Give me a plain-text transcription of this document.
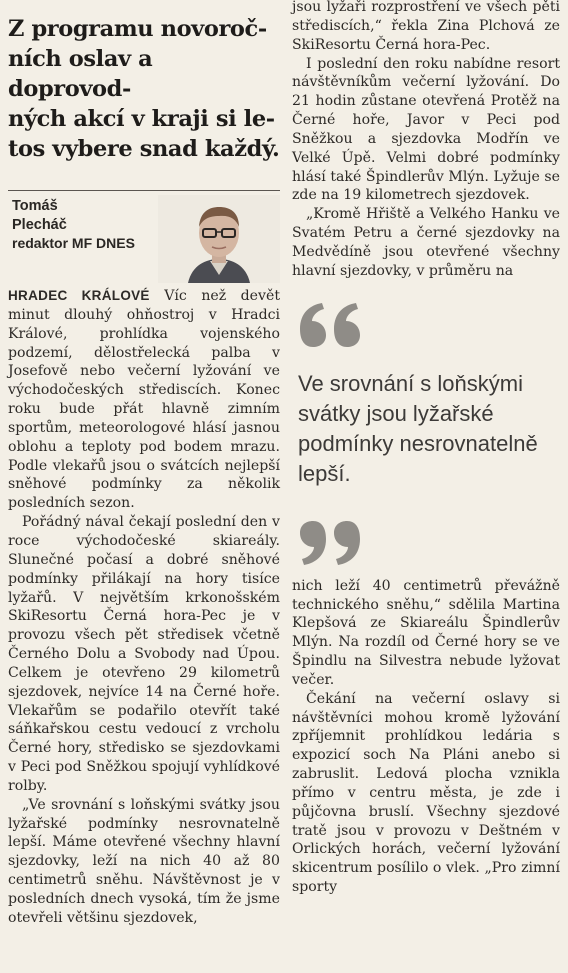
Z programu novoroč-
ních oslav a doprovod-
ných akcí v kraji si le-
tos vybere snad každý.
Tomáš
Plecháč
redaktor MF DNES

HRADEC KRÁLOVÉ Víc než devět minut dlouhý ohňostroj v Hradci Králové, prohlídka vojenského podzemí, dělostřelecká palba v Josefově nebo večerní lyžování ve východočeských střediscích. Konec roku bude přát hlavně zimním sportům, meteorologové hlásí jasnou oblohu a teploty pod bodem mrazu. Podle vlekařů jsou o svátcích nejlepší sněhové podmínky za několik posledních sezon.

Pořádný nával čekají poslední den v roce východočeské skiareály. Slunečné počasí a dobré sněhové podmínky přilákají na hory tisíce lyžařů. V největším krkonošském SkiResortu Černá hora-Pec je v provozu všech pět středisek včetně Černého Dolu a Svobody nad Úpou. Celkem je otevřeno 29 kilometrů sjezdovek, nejvíce 14 na Černé hoře. Vlekařům se podařilo otevřít také sáňkařskou cestu vedoucí z vrcholu Černé hory, středisko se sjezdovkami v Peci pod Sněžkou spojují vyhlídkové rolby.

„Ve srovnání s loňskými svátky jsou lyžařské podmínky nesrovnatelně lepší. Máme otevřené všechny hlavní sjezdovky, leží na nich 40 až 80 centimetrů sněhu. Návštěvnost je v posledních dnech vysoká, tím že jsme otevřeli většinu sjezdovek,

jsou lyžaři rozprostření ve všech pěti střediscích,“ řekla Zina Plchová ze SkiResortu Černá hora-Pec.

I poslední den roku nabídne resort návštěvníkům večerní lyžování. Do 21 hodin zůstane otevřená Protěž na Černé hoře, Javor v Peci pod Sněžkou a sjezdovka Modřín ve Velké Úpě. Velmi dobré podmínky hlásí také Špindlerův Mlýn. Lyžuje se zde na 19 kilometrech sjezdovek.

„Kromě Hřiště a Velkého Hanku ve Svatém Petru a černé sjezdovky na Medvědíně jsou otevřené všechny hlavní sjezdovky, v průměru na

Ve srovnání s loňskými svátky jsou lyžařské podmínky nesrovnatelně lepší.

nich leží 40 centimetrů převážně technického sněhu,“ sdělila Martina Klepšová ze Skiareálu Špindlerův Mlýn. Na rozdíl od Černé hory se ve Špindlu na Silvestra nebude lyžovat večer.

Čekání na večerní oslavy si návštěvníci mohou kromě lyžování zpříjemnit prohlídkou ledária s expozicí soch Na Pláni anebo si zabruslit. Ledová plocha vznikla přímo v centru města, je zde i půjčovna bruslí. Všechny sjezdové tratě jsou v provozu v Deštném v Orlických horách, večerní lyžování skicentrum posílilo o vlek. „Pro zimní sporty
